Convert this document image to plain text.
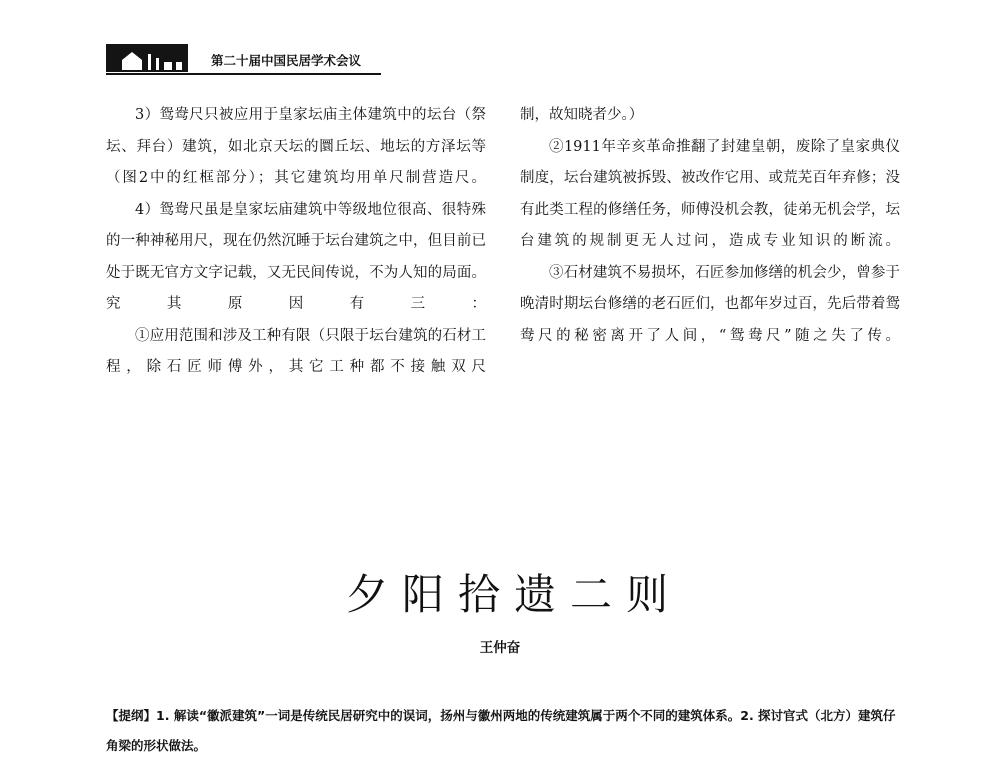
第二十届中国民居学术会议

3）鸳鸯尺只被应用于皇家坛庙主体建筑中的坛台（祭坛、拜台）建筑，如北京天坛的圜丘坛、地坛的方泽坛等（图2中的红框部分）；其它建筑均用单尺制营造尺。

4）鸳鸯尺虽是皇家坛庙建筑中等级地位很高、很特殊的一种神秘用尺，现在仍然沉睡于坛台建筑之中，但目前已处于既无官方文字记载，又无民间传说，不为人知的局面。究其原因有三：

①应用范围和涉及工种有限（只限于坛台建筑的石材工程，除石匠师傅外，其它工种都不接触双尺

制，故知晓者少。）

②1911年辛亥革命推翻了封建皇朝，废除了皇家典仪制度，坛台建筑被拆毁、被改作它用、或荒芜百年弃修；没有此类工程的修缮任务，师傅没机会教，徒弟无机会学，坛台建筑的规制更无人过问，造成专业知识的断流。

③石材建筑不易损坏，石匠参加修缮的机会少，曾参于晚清时期坛台修缮的老石匠们，也都年岁过百，先后带着鸳鸯尺的秘密离开了人间，“鸳鸯尺”随之失了传。

夕阳拾遗二则
王仲奋
【提纲】1. 解读“徽派建筑”一词是传统民居研究中的误词，扬州与徽州两地的传统建筑属于两个不同的建筑体系。2. 探讨官式（北方）建筑仔角梁的形状做法。
